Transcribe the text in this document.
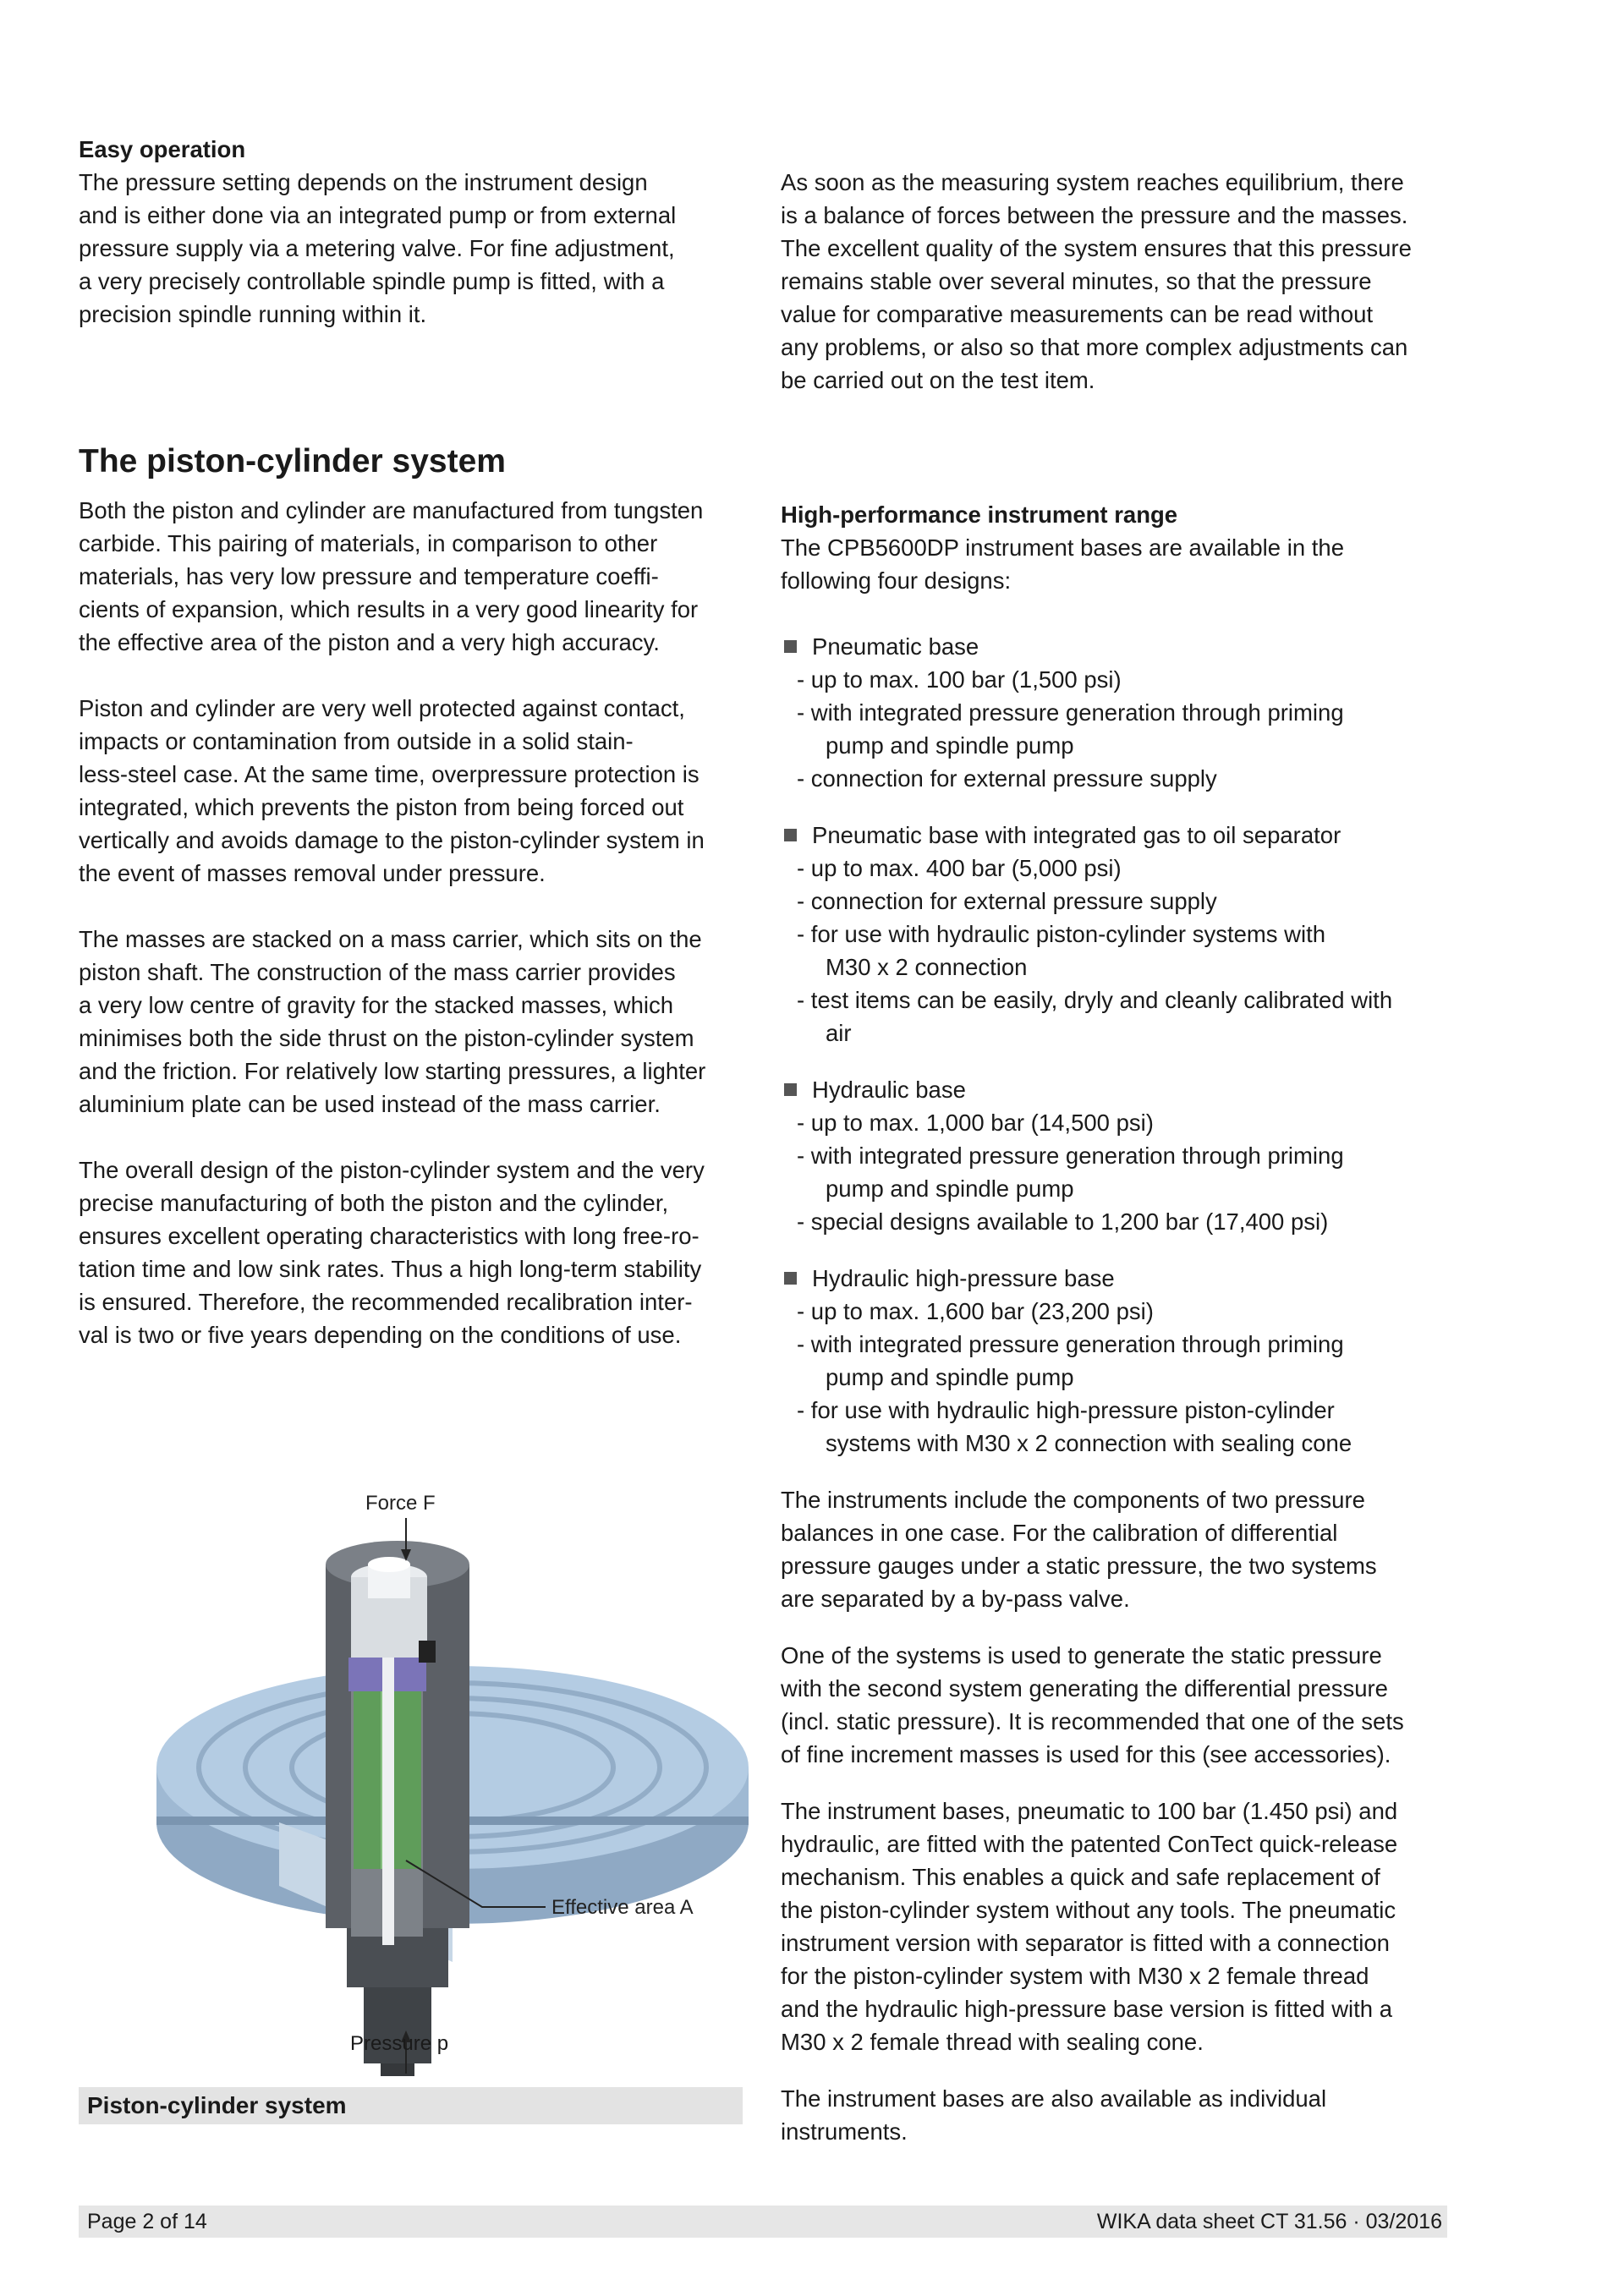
Easy operation

The pressure setting depends on the instrument design

and is either done via an integrated pump or from external

pressure supply via a metering valve. For fine adjustment,

a very precisely controllable spindle pump is fitted, with a

precision spindle running within it.

The piston-cylinder system

Both the piston and cylinder are manufactured from tungsten

carbide. This pairing of materials, in comparison to other

materials, has very low pressure and temperature coeffi-

cients of expansion, which results in a very good linearity for

the effective area of the piston and a very high accuracy.

Piston and cylinder are very well protected against contact,

impacts or contamination from outside in a solid stain-

less-steel case. At the same time, overpressure protection is

integrated, which prevents the piston from being forced out

vertically and avoids damage to the piston-cylinder system in

the event of masses removal under pressure.

The masses are stacked on a mass carrier, which sits on the

piston shaft. The construction of the mass carrier provides

a very low centre of gravity for the stacked masses, which

minimises both the side thrust on the piston-cylinder system

and the friction. For relatively low starting pressures, a lighter

aluminium plate can be used instead of the mass carrier.

The overall design of the piston-cylinder system and the very

precise manufacturing of both the piston and the cylinder,

ensures excellent operating characteristics with long free-ro-

tation time and low sink rates. Thus a high long-term stability

is ensured. Therefore, the recommended recalibration inter-

val is two or five years depending on the conditions of use.

Force F
Effective area A
Pressure p
Piston-cylinder system

As soon as the measuring system reaches equilibrium, there

is a balance of forces between the pressure and the masses.

The excellent quality of the system ensures that this pressure

remains stable over several minutes, so that the pressure

value for comparative measurements can be read without

any problems, or also so that more complex adjustments can

be carried out on the test item.

High-performance instrument range

The CPB5600DP instrument bases are available in the

following four designs:

Pneumatic base

- up to max. 100 bar (1,500 psi)

- with integrated pressure generation through priming
pump and spindle pump

- connection for external pressure supply

Pneumatic base with integrated gas to oil separator

- up to max. 400 bar (5,000 psi)

- connection for external pressure supply

- for use with hydraulic piston-cylinder systems with
M30 x 2 connection

- test items can be easily, dryly and cleanly calibrated with
air

Hydraulic base

- up to max. 1,000 bar (14,500 psi)

- with integrated pressure generation through priming
pump and spindle pump

- special designs available to 1,200 bar (17,400 psi)

Hydraulic high-pressure base

- up to max. 1,600 bar (23,200 psi)

- with integrated pressure generation through priming
pump and spindle pump

- for use with hydraulic high-pressure piston-cylinder
systems with M30 x 2 connection with sealing cone

The instruments include the components of two pressure

balances in one case. For the calibration of differential

pressure gauges under a static pressure, the two systems

are separated by a by-pass valve.

One of the systems is used to generate the static pressure

with the second system generating the differential pressure

(incl. static pressure). It is recommended that one of the sets

of fine increment masses is used for this (see accessories).

The instrument bases, pneumatic to 100 bar (1.450 psi) and

hydraulic, are fitted with the patented ConTect quick-release

mechanism. This enables a quick and safe replacement of

the piston-cylinder system without any tools. The pneumatic

instrument version with separator is fitted with a connection

for the piston-cylinder system with M30 x 2 female thread

and the hydraulic high-pressure base version is fitted with a

M30 x 2 female thread with sealing cone.

The instrument bases are also available as individual

instruments.

Page 2 of 14	WIKA data sheet CT 31.56 · 03/2016
